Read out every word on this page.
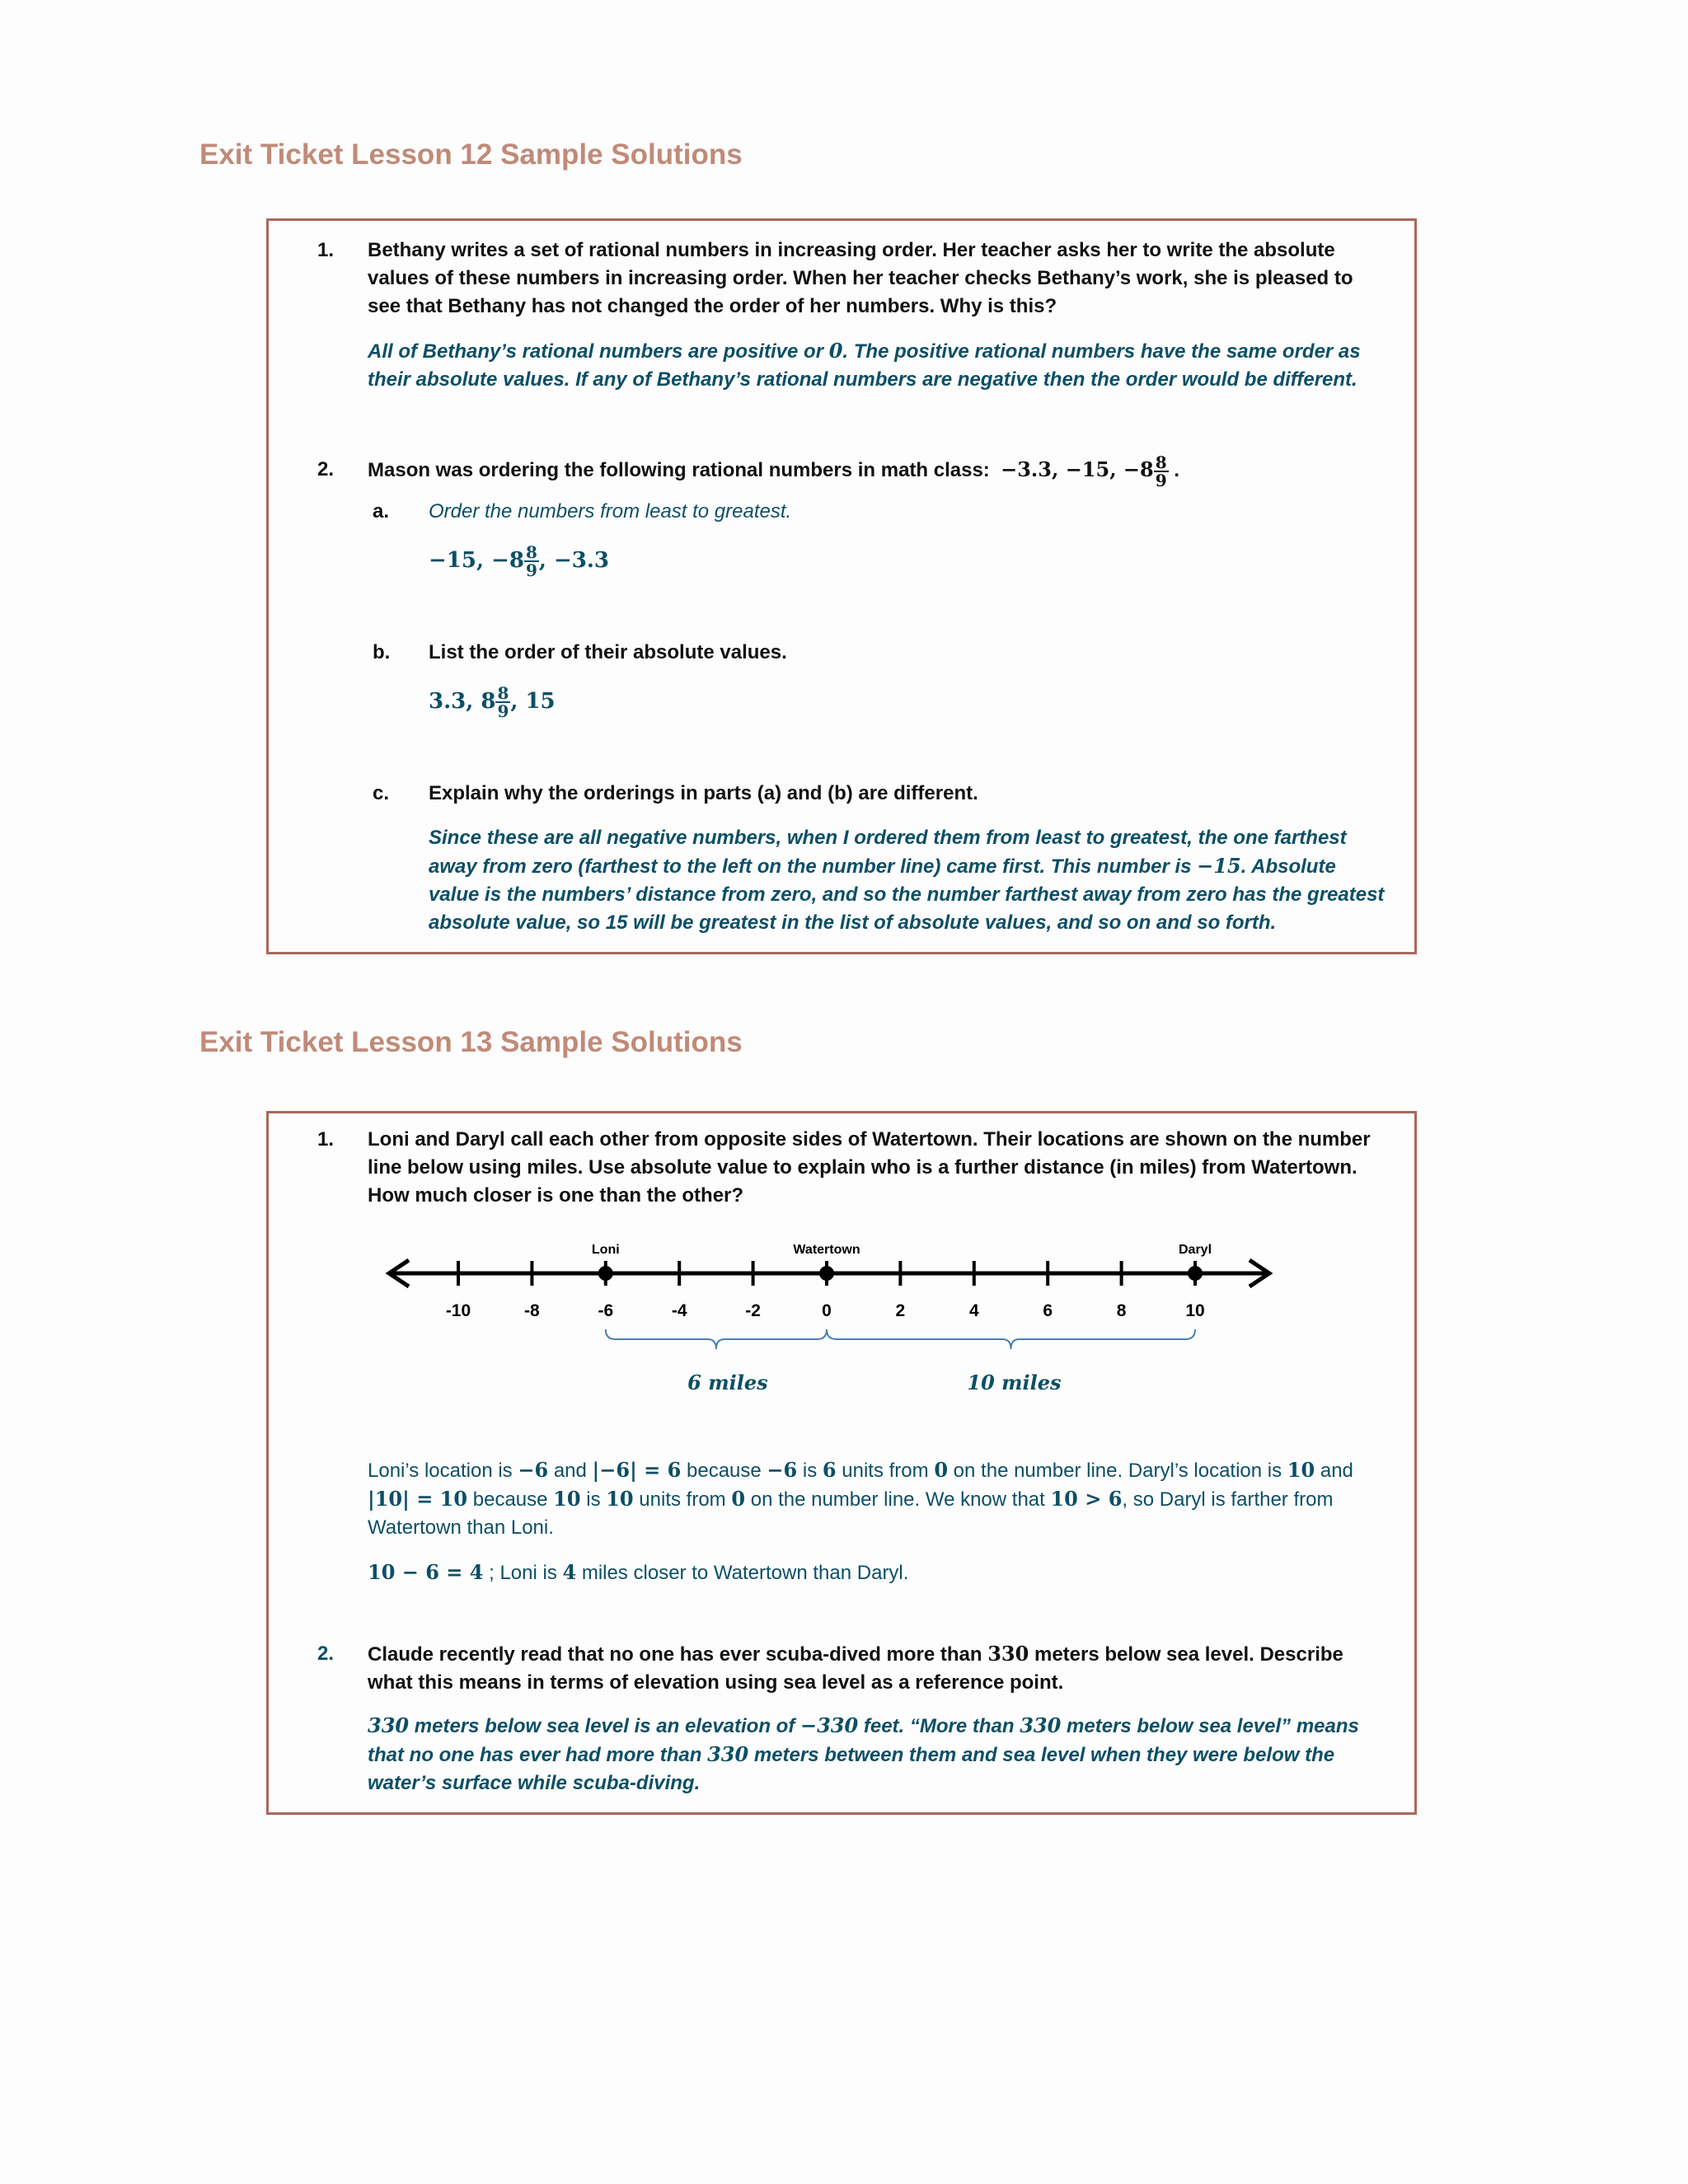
Exit Ticket Lesson 12 Sample Solutions
1. Bethany writes a set of rational numbers in increasing order. Her teacher asks her to write the absolute values of these numbers in increasing order. When her teacher checks Bethany’s work, she is pleased to see that Bethany has not changed the order of her numbers. Why is this?
All of Bethany’s rational numbers are positive or 0. The positive rational numbers have the same order as their absolute values. If any of Bethany’s rational numbers are negative then the order would be different.
2. Mason was ordering the following rational numbers in math class: −3.3, −15, $-8 \frac{8}{9}$ .
a. Order the numbers from least to greatest.
−15, $-8 \frac{8}{9}$ , −3.3
b. List the order of their absolute values.
3.3, $8 \frac{8}{9}$ , 15
c. Explain why the orderings in parts (a) and (b) are different.
Since these are all negative numbers, when I ordered them from least to greatest, the one farthest away from zero (farthest to the left on the number line) came first. This number is −15. Absolute value is the numbers’ distance from zero, and so the number farthest away from zero has the greatest absolute value, so 15 will be greatest in the list of absolute values, and so on and so forth.
Exit Ticket Lesson 13 Sample Solutions
1. Loni and Daryl call each other from opposite sides of Watertown. Their locations are shown on the number line below using miles. Use absolute value to explain who is a further distance (in miles) from Watertown. How much closer is one than the other?
-10	-8	-6	-4	-2	0	2	4	6	8	10
Loni	Watertown	Daryl
6 miles	10 miles
Loni’s location is −6 and |−6| = 6 because −6 is 6 units from 0 on the number line. Daryl’s location is 10 and |10| = 10 because 10 is 10 units from 0 on the number line. We know that 10 > 6, so Daryl is farther from Watertown than Loni.
10 − 6 = 4 ; Loni is 4 miles closer to Watertown than Daryl.
2. Claude recently read that no one has ever scuba-dived more than 330 meters below sea level. Describe what this means in terms of elevation using sea level as a reference point.
330 meters below sea level is an elevation of −330 feet. “More than 330 meters below sea level” means that no one has ever had more than 330 meters between them and sea level when they were below the water’s surface while scuba-diving.
